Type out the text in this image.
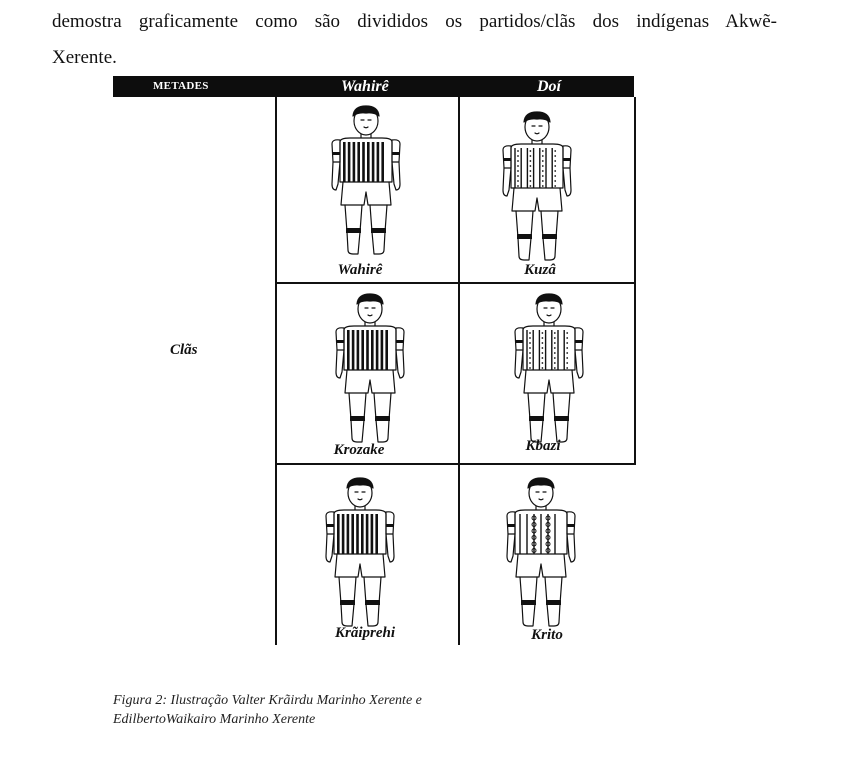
demostra graficamente como são divididos os partidos/clãs dos indígenas Akwẽ-
Xerente.

METADES	Wahirê	Doí
Clãs
Wahirê	Kuzâ
Krozake	Kbazi
Krãiprehi	Krito
Figura 2: Ilustração Valter Krãirdu Marinho Xerente e
EdilbertoWaikairo Marinho Xerente
